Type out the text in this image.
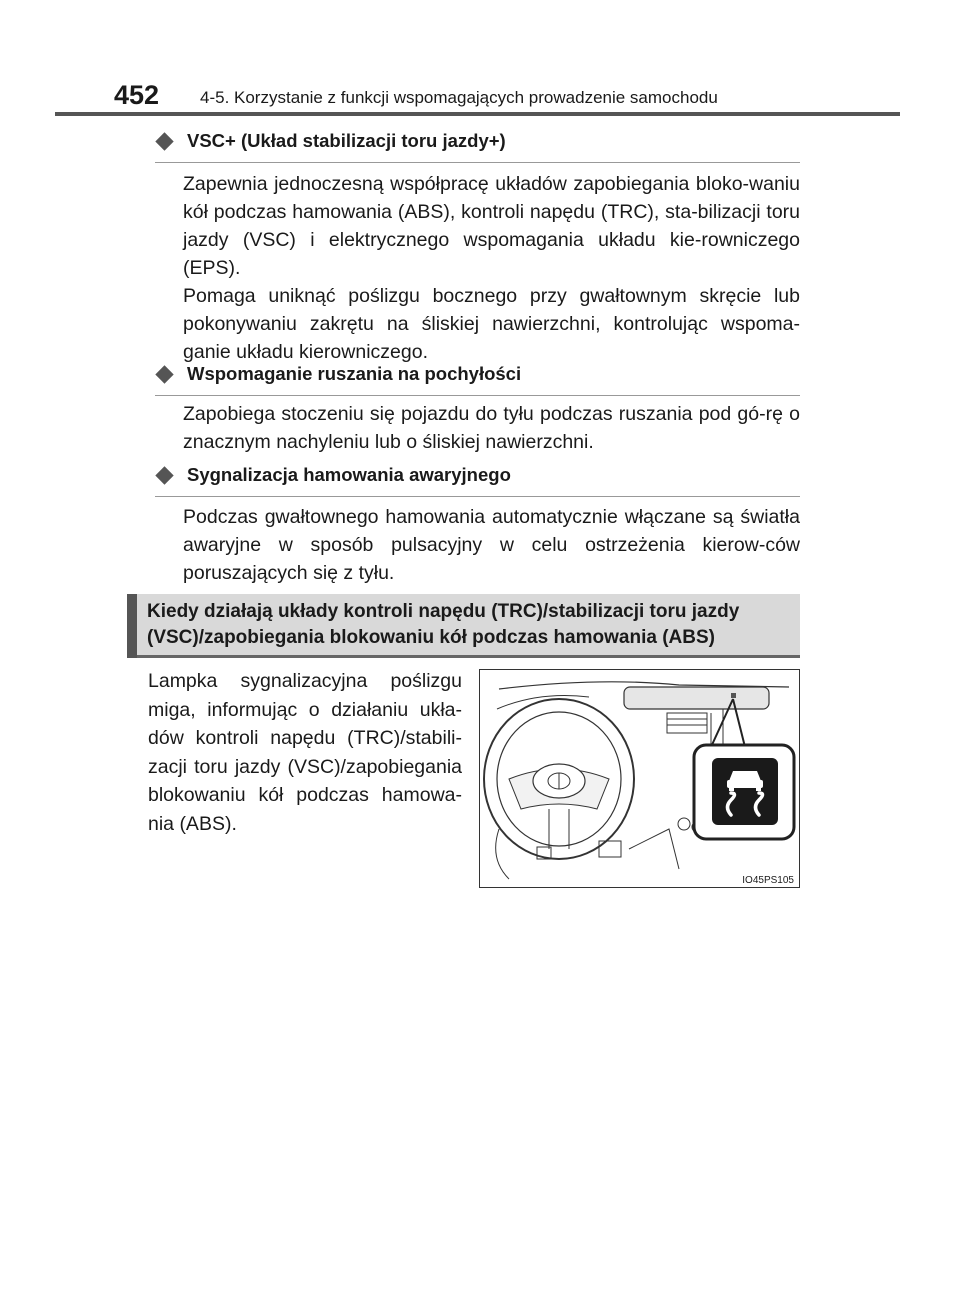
452 4-5. Korzystanie z funkcji wspomagających prowadzenie samochodu
VSC+ (Układ stabilizacji toru jazdy+)

Zapewnia jednoczesną współpracę układów zapobiegania bloko-waniu kół podczas hamowania (ABS), kontroli napędu (TRC), sta-bilizacji toru jazdy (VSC) i elektrycznego wspomagania układu kie-rowniczego (EPS).

Pomaga uniknąć poślizgu bocznego przy gwałtownym skręcie lub pokonywaniu zakrętu na śliskiej nawierzchni, kontrolując wspoma-ganie układu kierowniczego.

Wspomaganie ruszania na pochyłości

Zapobiega stoczeniu się pojazdu do tyłu podczas ruszania pod gó-rę o znacznym nachyleniu lub o śliskiej nawierzchni.

Sygnalizacja hamowania awaryjnego

Podczas gwałtownego hamowania automatycznie włączane są światła awaryjne w sposób pulsacyjny w celu ostrzeżenia kierow-ców poruszających się z tyłu.

Kiedy działają układy kontroli napędu (TRC)/stabilizacji toru jazdy (VSC)/zapobiegania blokowaniu kół podczas hamowania (ABS)

Lampka sygnalizacyjna poślizgu miga, informując o działaniu ukła-dów kontroli napędu (TRC)/stabili-zacji toru jazdy (VSC)/zapobiegania blokowaniu kół podczas hamowa-nia (ABS).

IO45PS105
